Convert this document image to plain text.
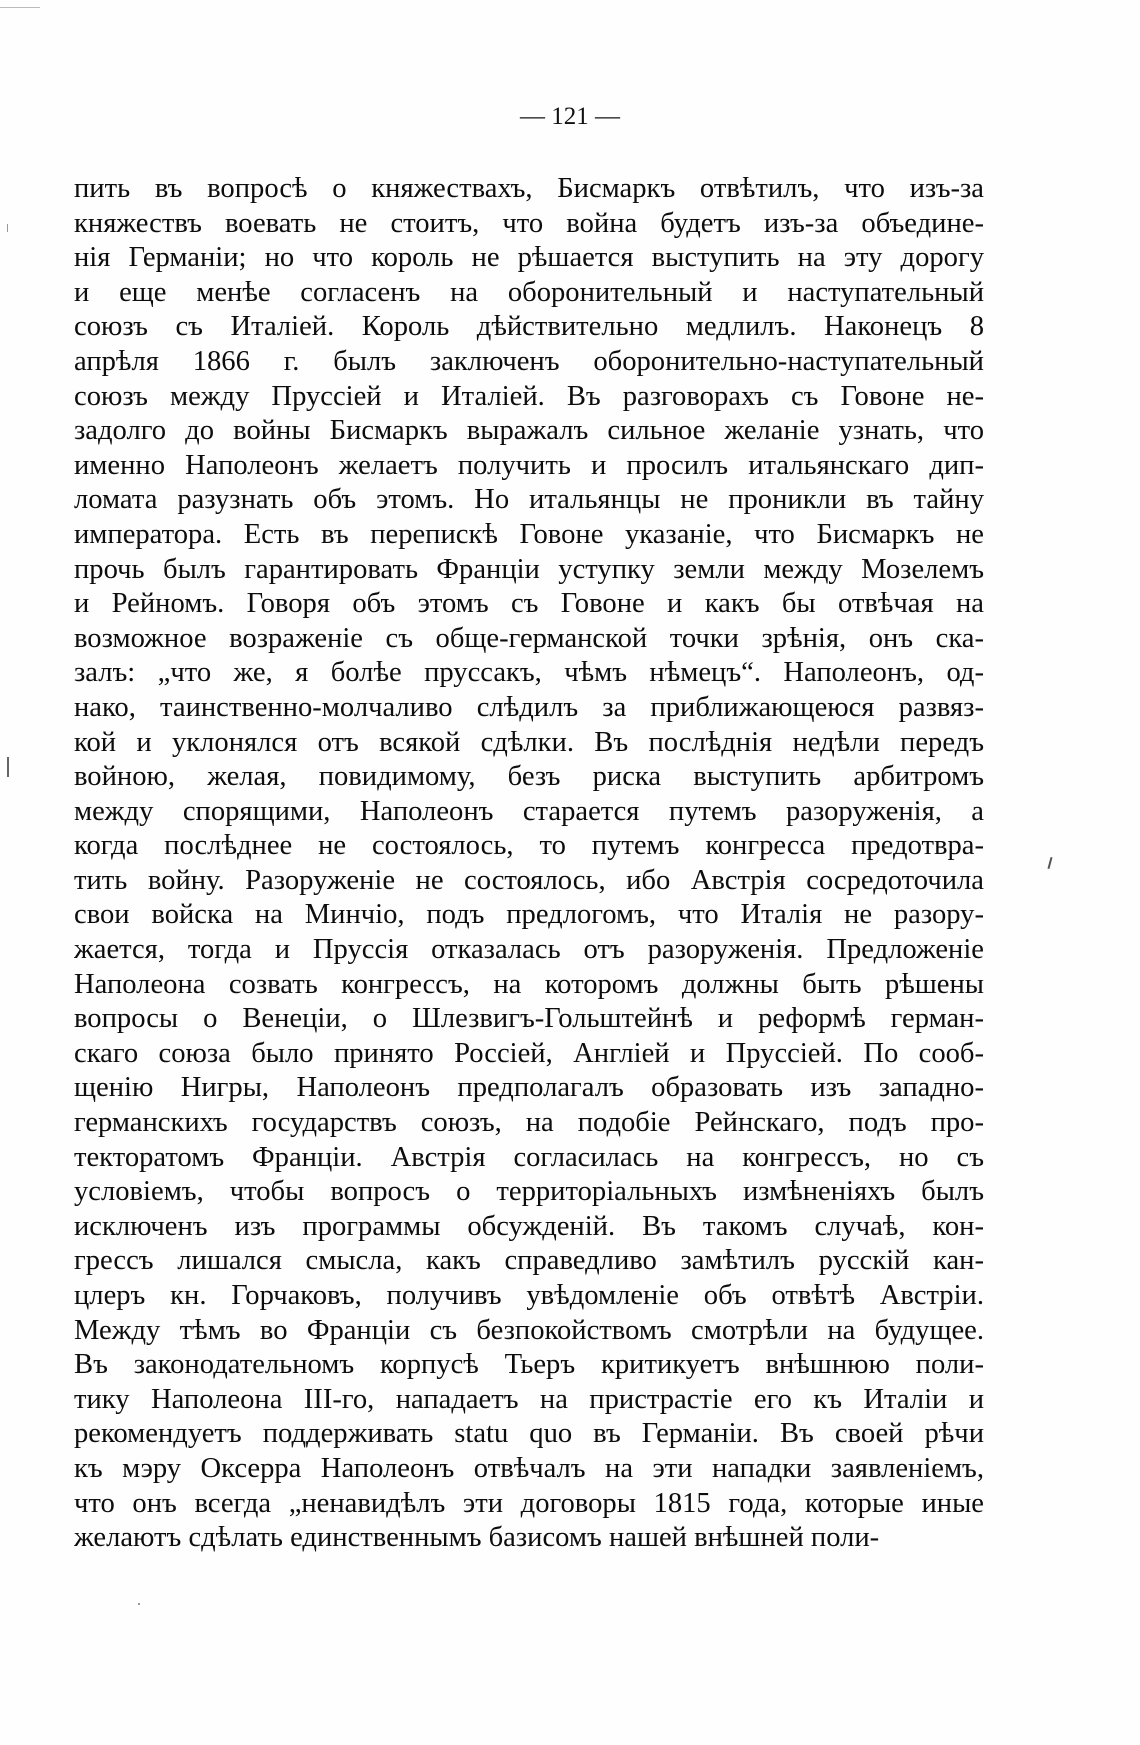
— 121 —
пить въ вопросѣ о княжествахъ, Бисмаркъ отвѣтилъ, что изъ-за
княжествъ воевать не стоитъ, что война будетъ изъ-за объедине-
нія Германіи; но что король не рѣшается выступить на эту дорогу
и еще менѣе согласенъ на оборонительный и наступательный
союзъ съ Италіей. Король дѣйствительно медлилъ. Наконецъ 8
апрѣля 1866 г. былъ заключенъ оборонительно-наступательный
союзъ между Пруссіей и Италіей. Въ разговорахъ съ Говоне не-
задолго до войны Бисмаркъ выражалъ сильное желаніе узнать, что
именно Наполеонъ желаетъ получить и просилъ итальянскаго дип-
ломата разузнать объ этомъ. Но итальянцы не проникли въ тайну
императора. Есть въ перепискѣ Говоне указаніе, что Бисмаркъ не
прочь былъ гарантировать Франціи уступку земли между Мозелемъ
и Рейномъ. Говоря объ этомъ съ Говоне и какъ бы отвѣчая на
возможное возраженіе съ обще-германской точки зрѣнія, онъ ска-
залъ: „что же, я болѣе пруссакъ, чѣмъ нѣмецъ“. Наполеонъ, од-
нако, таинственно-молчаливо слѣдилъ за приближающеюся развяз-
кой и уклонялся отъ всякой сдѣлки. Въ послѣднія недѣли передъ
войною, желая, повидимому, безъ риска выступить арбитромъ
между спорящими, Наполеонъ старается путемъ разоруженія, а
когда послѣднее не состоялось, то путемъ конгресса предотвра-
тить войну. Разоруженіе не состоялось, ибо Австрія сосредоточила
свои войска на Минчіо, подъ предлогомъ, что Италія не разору-
жается, тогда и Пруссія отказалась отъ разоруженія. Предложеніе
Наполеона созвать конгрессъ, на которомъ должны быть рѣшены
вопросы о Венеціи, о Шлезвигъ-Гольштейнѣ и реформѣ герман-
скаго союза было принято Россіей, Англіей и Пруссіей. По сооб-
щенію Нигры, Наполеонъ предполагалъ образовать изъ западно-
германскихъ государствъ союзъ, на подобіе Рейнскаго, подъ про-
текторатомъ Франціи. Австрія согласилась на конгрессъ, но съ
условіемъ, чтобы вопросъ о территоріальныхъ измѣненіяхъ былъ
исключенъ изъ программы обсужденій. Въ такомъ случаѣ, кон-
грессъ лишался смысла, какъ справедливо замѣтилъ русскій кан-
цлеръ кн. Горчаковъ, получивъ увѣдомленіе объ отвѣтѣ Австріи.
Между тѣмъ во Франціи съ безпокойствомъ смотрѣли на будущее.
Въ законодательномъ корпусѣ Тьеръ критикуетъ внѣшнюю поли-
тику Наполеона III-го, нападаетъ на пристрастіе его къ Италіи и
рекомендуетъ поддерживать statu quo въ Германіи. Въ своей рѣчи
къ мэру Оксерра Наполеонъ отвѣчалъ на эти нападки заявленіемъ,
что онъ всегда „ненавидѣлъ эти договоры 1815 года, которые иные
желаютъ сдѣлать единственнымъ базисомъ нашей внѣшней поли-
